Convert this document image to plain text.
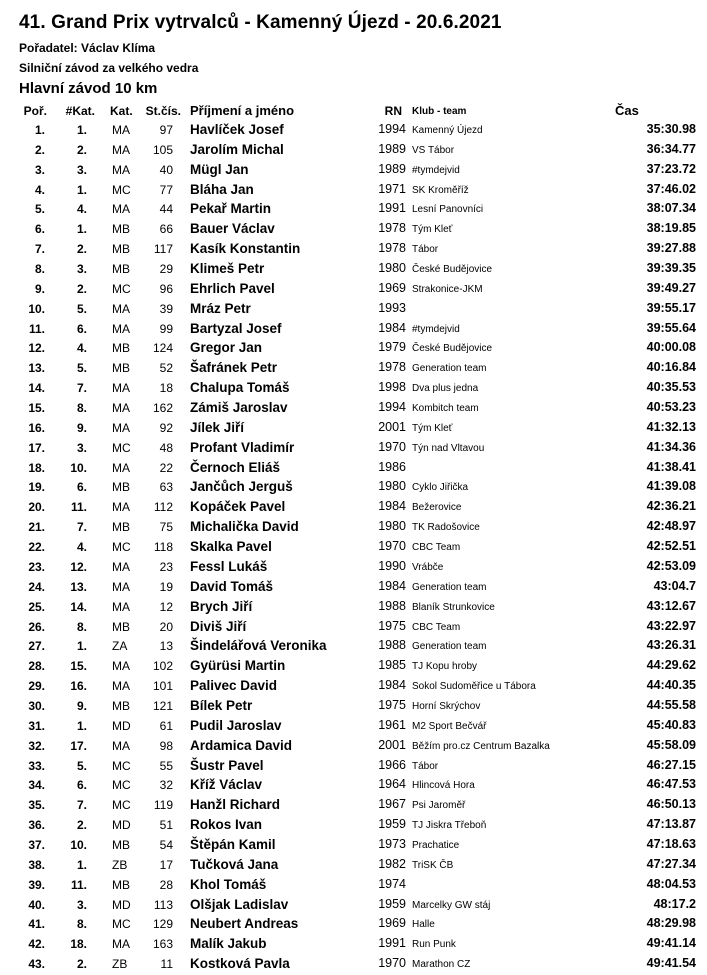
41. Grand Prix vytrvalců - Kamenný Újezd - 20.6.2021
Pořadatel: Václav Klíma
Silniční závod za velkého vedra
Hlavní závod 10 km
Poř. #Kat. Kat. St.čís. Příjmení a jméno	RN Klub - team	Čas
1.	1. MA 97 Havlíček Josef	1994 Kamenný Újezd	35:30.98
2.	2. MA 105 Jarolím Michal	1989 VS Tábor	36:34.77
3.	3. MA 40 Mügl Jan	1989 #tymdejvid	37:23.72
4.	1. MC 77 Bláha Jan	1971 SK Kroměříž	37:46.02
5.	4. MA 44 Pekař Martin	1991 Lesní Panovníci	38:07.34
6.	1. MB 66 Bauer Václav	1978 Tým Kleť	38:19.85
7.	2. MB 117 Kasík Konstantin	1978 Tábor	39:27.88
8.	3. MB 29 Klimeš Petr	1980 České Budějovice	39:39.35
9.	2. MC 96 Ehrlich Pavel	1969 Strakonice-JKM	39:49.27
10.	5. MA 39 Mráz Petr	1993	39:55.17
11.	6. MA 99 Bartyzal Josef	1984 #tymdejvid	39:55.64
12.	4. MB 124 Gregor Jan	1979 České Budějovice	40:00.08
13.	5. MB 52 Šafránek Petr	1978 Generation team	40:16.84
14.	7. MA 18 Chalupa Tomáš	1998 Dva plus jedna	40:35.53
15.	8. MA 162 Zámiš Jaroslav	1994 Kombitch team	40:53.23
16.	9. MA 92 Jílek Jiří	2001 Tým Kleť	41:32.13
17.	3. MC 48 Profant Vladimír	1970 Týn nad Vltavou	41:34.36
18. 10. MA 22 Černoch Eliáš	1986	41:38.41
19.	6. MB 63 Jančůch Jerguš	1980 Cyklo Jiřička	41:39.08
20. 11. MA 112 Kopáček Pavel	1984 Bežerovice	42:36.21
21.	7. MB 75 Michalička David	1980 TK Radošovice	42:48.97
22.	4. MC 118 Skalka Pavel	1970 CBC Team	42:52.51
23. 12. MA 23 Fessl Lukáš	1990 Vrábče	42:53.09
24. 13. MA 19 David Tomáš	1984 Generation team	43:04.7
25. 14. MA 12 Brych Jiří	1988 Blaník Strunkovice	43:12.67
26.	8. MB 20 Diviš Jiří	1975 CBC Team	43:22.97
27.	1. ZA	13 Šindelářová Veronika	1988 Generation team	43:26.31
28. 15. MA 102 Gyürüsi Martin	1985 TJ Kopu hroby	44:29.62
29. 16. MA 101 Palivec David	1984 Sokol Sudoměřice u Tábora	44:40.35
30.	9. MB 121 Bílek Petr	1975 Horní Skrýchov	44:55.58
31.	1. MD 61 Pudil Jaroslav	1961 M2 Sport Bečvář	45:40.83
32. 17. MA 98 Ardamica David	2001 Běžím pro.cz Centrum Bazalka	45:58.09
33.	5. MC 55 Šustr Pavel	1966 Tábor	46:27.15
34.	6. MC 32 Kříž Václav	1964 Hlincová Hora	46:47.53
35.	7. MC 119 Hanžl Richard	1967 Psi Jaroměř	46:50.13
36.	2. MD 51 Rokos Ivan	1959 TJ Jiskra Třeboň	47:13.87
37. 10. MB 54 Štěpán Kamil	1973 Prachatice	47:18.63
38.	1. ZB	17 Tučková Jana	1982 TriSK ČB	47:27.34
39. 11. MB 28 Khol Tomáš	1974	48:04.53
40.	3. MD 113 Olšjak Ladislav	1959 Marcelky GW stáj	48:17.2
41.	8. MC 129 Neubert Andreas	1969 Halle	48:29.98
42. 18. MA 163 Malík Jakub	1991 Run Punk	49:41.14
43.	2. ZB	11 Kostková Pavla	1970 Marathon CZ	49:41.54
